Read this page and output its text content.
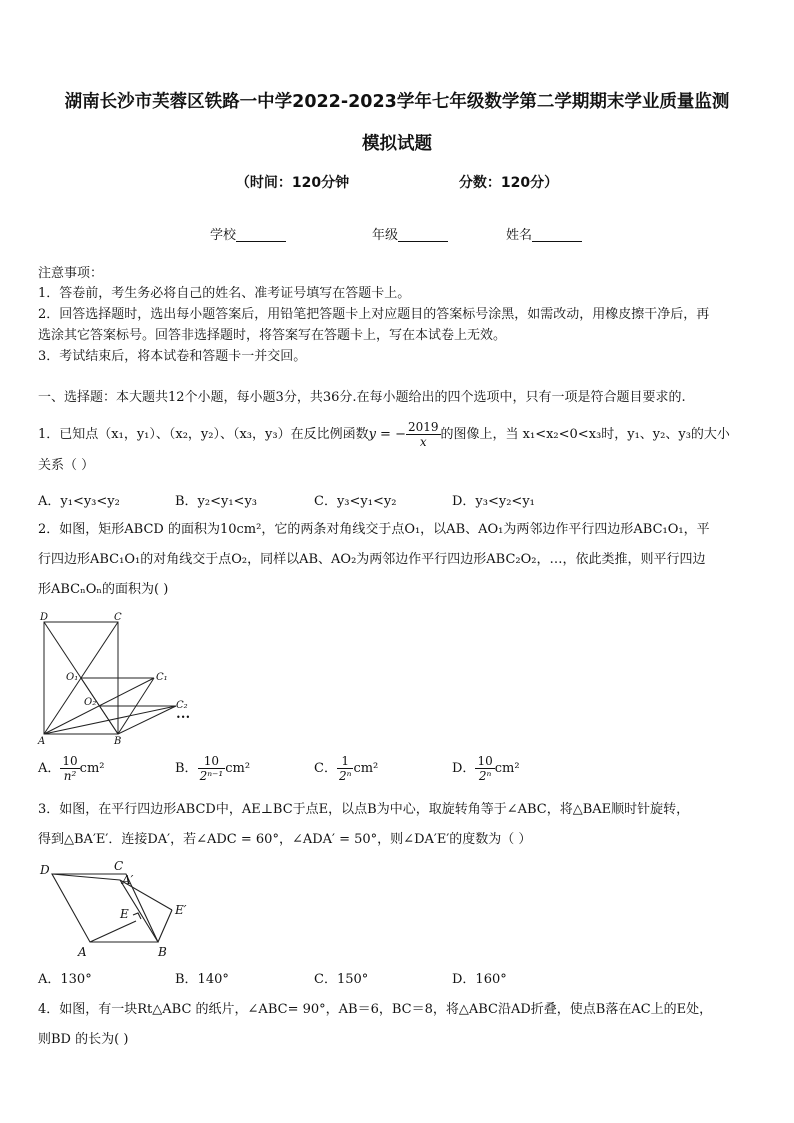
湖南长沙市芙蓉区铁路一中学2022-2023学年七年级数学第二学期期末学业质量监测
模拟试题
（时间：120分钟	分数：120分）
学校	年级	姓名
注意事项：
1．答卷前，考生务必将自己的姓名、准考证号填写在答题卡上。
2．回答选择题时，选出每小题答案后，用铅笔把答题卡上对应题目的答案标号涂黑，如需改动，用橡皮擦干净后，再
选涂其它答案标号。回答非选择题时，将答案写在答题卡上，写在本试卷上无效。
3．考试结束后，将本试卷和答题卡一并交回。
一、选择题：本大题共12个小题，每小题3分，共36分.在每小题给出的四个选项中，只有一项是符合题目要求的.
1．已知点（x₁，y₁）、（x₂，y₂）、（x₃，y₃）在反比例函数y = − $\frac{2019}{x}$ 的图像上，当 x₁<x₂<0<x₃时，y₁、y₂、y₃的大小
关系（ ）
A．y₁<y₃<y₂	B．y₂<y₁<y₃	C．y₃<y₁<y₂	D．y₃<y₂<y₁
2．如图，矩形ABCD 的面积为10cm²，它的两条对角线交于点O₁，以AB、AO₁为两邻边作平行四边形ABC₁O₁，平
行四边形ABC₁O₁的对角线交于点O₂，同样以AB、AO₂为两邻边作平行四边形ABC₂O₂，…，依此类推，则平行四边
形ABCₙOₙ的面积为( )
D	C
O₁	C₁
O₂	C₂
•••
A	B
A． $\frac{10}{\text{n²}} cm^2$	B． $\frac{10}{\text{2ⁿ⁻¹}} cm^2$	C． $\frac{1}{\text{2ⁿ}} cm^2$	D． $\frac{10}{\text{2ⁿ}} cm^2$
3．如图，在平行四边形ABCD中，AE⊥BC于点E，以点B为中心，取旋转角等于∠ABC，将△BAE顺时针旋转，
得到△BA′E′．连接DA′，若∠ADC = 60°，∠ADA′ = 50°，则∠DA′E′的度数为（ ）
D	C
A′
E	E′
A	B
A．130°	B．140°	C．150°	D．160°
4．如图，有一块Rt△ABC 的纸片，∠ABC= 90°，AB＝6，BC＝8，将△ABC沿AD折叠，使点B落在AC上的E处，
则BD 的长为( )
